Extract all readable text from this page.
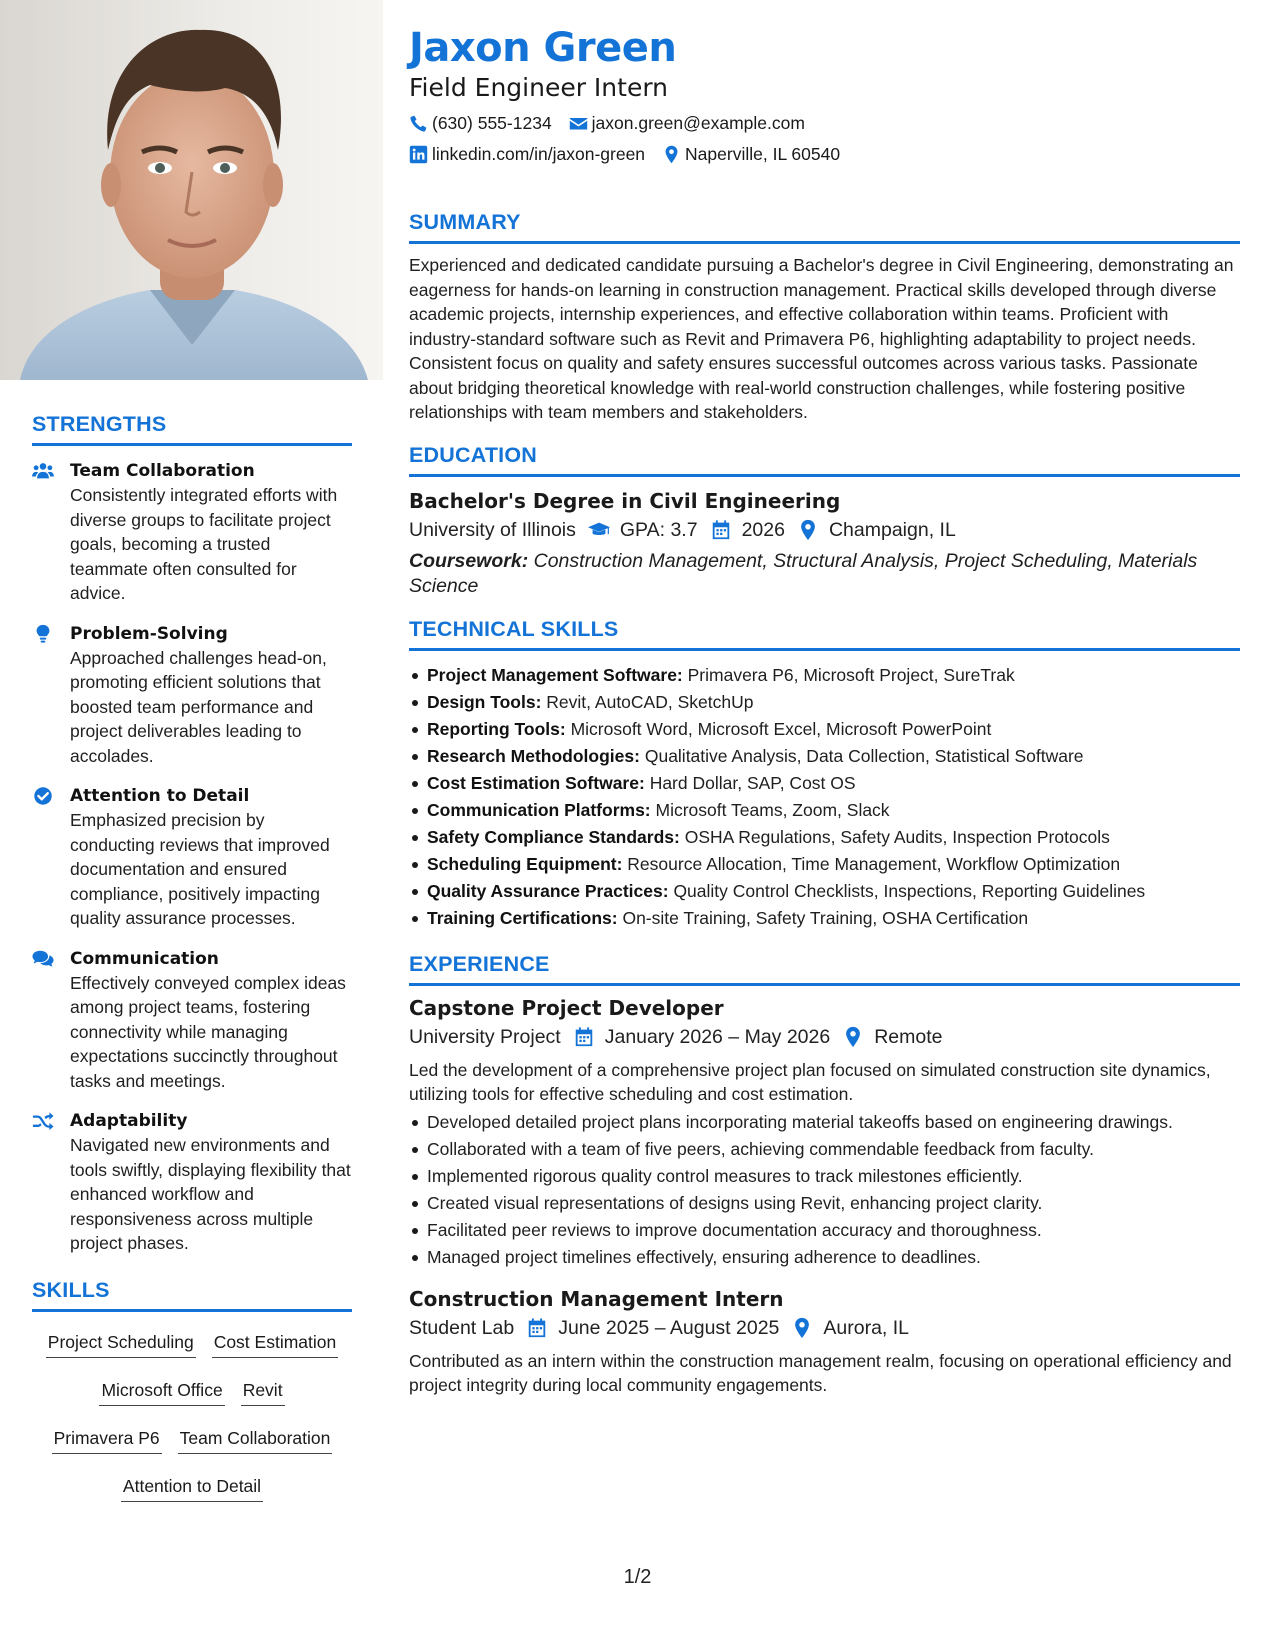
STRENGTHS
Team Collaboration
Consistently integrated efforts with diverse groups to facilitate project goals, becoming a trusted teammate often consulted for advice.
Problem-Solving
Approached challenges head-on, promoting efficient solutions that boosted team performance and project deliverables leading to accolades.
Attention to Detail
Emphasized precision by conducting reviews that improved documentation and ensured compliance, positively impacting quality assurance processes.
Communication
Effectively conveyed complex ideas among project teams, fostering connectivity while managing expectations succinctly throughout tasks and meetings.
Adaptability
Navigated new environments and tools swiftly, displaying flexibility that enhanced workflow and responsiveness across multiple project phases.
SKILLS
Project Scheduling Cost Estimation
Microsoft Office Revit
Primavera P6 Team Collaboration
Attention to Detail
Jaxon Green
Field Engineer Intern
(630) 555-1234 jaxon.green@example.com
linkedin.com/in/jaxon-green Naperville, IL 60540
SUMMARY
Experienced and dedicated candidate pursuing a Bachelor's degree in Civil Engineering, demonstrating an eagerness for hands-on learning in construction management. Practical skills developed through diverse academic projects, internship experiences, and effective collaboration within teams. Proficient with industry-standard software such as Revit and Primavera P6, highlighting adaptability to project needs. Consistent focus on quality and safety ensures successful outcomes across various tasks. Passionate about bridging theoretical knowledge with real-world construction challenges, while fostering positive relationships with team members and stakeholders.
EDUCATION
Bachelor's Degree in Civil Engineering
University of Illinois GPA: 3.7 2026 Champaign, IL
Coursework: Construction Management, Structural Analysis, Project Scheduling, Materials Science
TECHNICAL SKILLS
Project Management Software: Primavera P6, Microsoft Project, SureTrak
Design Tools: Revit, AutoCAD, SketchUp
Reporting Tools: Microsoft Word, Microsoft Excel, Microsoft PowerPoint
Research Methodologies: Qualitative Analysis, Data Collection, Statistical Software
Cost Estimation Software: Hard Dollar, SAP, Cost OS
Communication Platforms: Microsoft Teams, Zoom, Slack
Safety Compliance Standards: OSHA Regulations, Safety Audits, Inspection Protocols
Scheduling Equipment: Resource Allocation, Time Management, Workflow Optimization
Quality Assurance Practices: Quality Control Checklists, Inspections, Reporting Guidelines
Training Certifications: On-site Training, Safety Training, OSHA Certification
EXPERIENCE
Capstone Project Developer
University Project January 2026 – May 2026 Remote
Led the development of a comprehensive project plan focused on simulated construction site dynamics, utilizing tools for effective scheduling and cost estimation.
Developed detailed project plans incorporating material takeoffs based on engineering drawings.
Collaborated with a team of five peers, achieving commendable feedback from faculty.
Implemented rigorous quality control measures to track milestones efficiently.
Created visual representations of designs using Revit, enhancing project clarity.
Facilitated peer reviews to improve documentation accuracy and thoroughness.
Managed project timelines effectively, ensuring adherence to deadlines.
Construction Management Intern
Student Lab June 2025 – August 2025 Aurora, IL
Contributed as an intern within the construction management realm, focusing on operational efficiency and project integrity during local community engagements.
1/2
